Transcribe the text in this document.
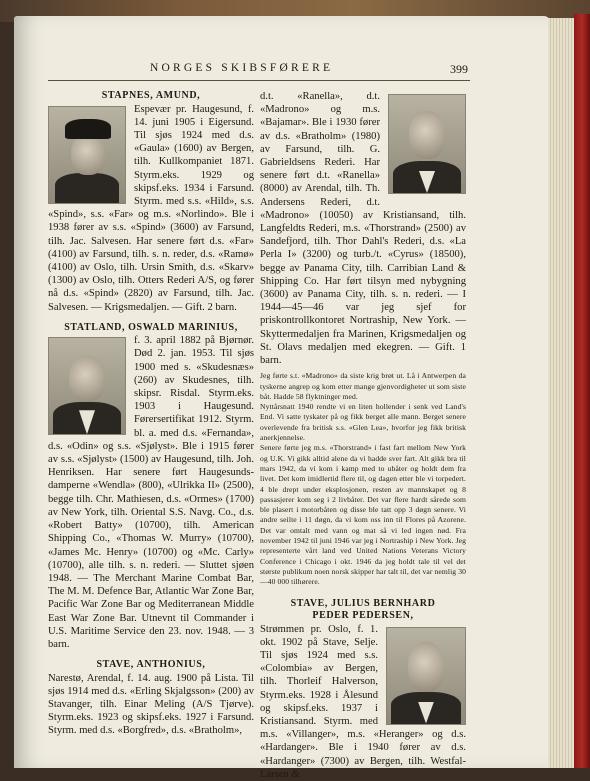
NORGES SKIBSFØRERE	399
STAPNES, AMUND,

Espevær pr. Haugesund, f. 14. juni 1905 i Eigersund. Til sjøs 1924 med d.s. «Gaula» (1600) av Bergen, tilh. Kullkompaniet 1871. Styrm.eks. 1929 og skipsf.eks. 1934 i Farsund. Styrm. med s.s. «Hild», s.s. «Spind», s.s. «Far» og m.s. «Norlindo». Ble i 1938 fører av s.s. «Spind» (3600) av Farsund, tilh. Jac. Salvesen. Har senere ført d.s. «Far» (4100) av Farsund, tilh. s. n. reder, d.s. «Ramø» (4100) av Oslo, tilh. Ursin Smith, d.s. «Skarv» (1300) av Oslo, tilh. Otters Rederi A/S, og fører nå d.s. «Spind» (2820) av Farsund, tilh. Jac. Salvesen. — Krigsmedaljen. — Gift. 2 barn.

STATLAND, OSWALD MARINIUS,

f. 3. april 1882 på Bjørnør. Død 2. jan. 1953. Til sjøs 1900 med s. «Skudesnæs» (260) av Skudesnes, tilh. skipsr. Risdal. Styrm.eks. 1903 i Haugesund. Førersertifikat 1912. Styrm. bl. a. med d.s. «Fernanda», d.s. «Odin» og s.s. «Sjølyst». Ble i 1915 fører av s.s. «Sjølyst» (1500) av Haugesund, tilh. Joh. Henriksen. Har senere ført Haugesunds-damperne «Wendla» (800), «Ulrikka II» (2500), begge tilh. Chr. Mathiesen, d.s. «Ormes» (1700) av New York, tilh. Oriental S.S. Navg. Co., d.s. «Robert Batty» (10700), tilh. American Shipping Co., «Thomas W. Murry» (10700), «James Mc. Henry» (10700) og «Mc. Carly» (10700), alle tilh. s. n. rederi. — Sluttet sjøen 1948. — The Merchant Marine Combat Bar, The M. M. Defence Bar, Atlantic War Zone Bar, Pacific War Zone Bar og Mediterranean Middle East War Zone Bar. Utnevnt til Commander i U.S. Maritime Service den 23. nov. 1948. — 3 barn.

STAVE, ANTHONIUS,

Narestø, Arendal, f. 14. aug. 1900 på Lista. Til sjøs 1914 med d.s. «Erling Skjalgsson» (200) av Stavanger, tilh. Einar Meling (A/S Tjørve). Styrm.eks. 1923 og skipsf.eks. 1927 i Farsund. Styrm. med d.s. «Borgfred», d.s. «Bratholm»,

d.t. «Ranella», d.t. «Madrono» og m.s. «Bajamar». Ble i 1930 fører av d.s. «Bratholm» (1980) av Farsund, tilh. G. Gabrieldsens Rederi. Har senere ført d.t. «Ranella» (8000) av Arendal, tilh. Th. Andersens Rederi, d.t. «Madrono» (10050) av Kristiansand, tilh. Langfeldts Rederi, m.s. «Thorstrand» (2500) av Sandefjord, tilh. Thor Dahl's Rederi, d.s. «La Perla I» (3200) og turb./t. «Cyrus» (18500), begge av Panama City, tilh. Carribian Land & Shipping Co. Har ført tilsyn med nybygning (3600) av Panama City, tilh. s. n. rederi. — I 1944—45—46 var jeg sjef for priskontrollkontoret Nortraship, New York. — Skyttermedaljen fra Marinen, Krigsmedaljen og St. Olavs medaljen med ekegren. — Gift. 1 barn.

Jeg førte s.t. «Madrono» da siste krig brøt ut. Lå i Antwerpen da tyskerne angrep og kom etter mange gjenvordigheter ut som siste båt. Hadde 58 flyktninger med.

Nyttårsnatt 1940 rendte vi en liten hollender i senk ved Land's End. Vi satte tyskater på og fikk berget alle mann. Berget senere overlevende fra britisk s.s. «Glen Lea», hvorfor jeg fikk britisk anerkjennelse.

Senere førte jeg m.s. «Thorstrand» i fast fart mellom New York og U.K. Vi gikk alltid alene da vi hadde sver fart. Alt gikk bra til mars 1942, da vi kom i kamp med to ubåter og holdt dem fra livet. Det kom imidlertid flere til, og dagen etter ble vi torpedert. 4 ble drept under eksplosjonen, resten av mannskapet og 8 passasjerer kom seg i 2 livbåter. Det var flere hardt sårede som ble plasert i motorbåten og disse ble tatt opp 3 døgn senere. Vi andre seilte i 11 døgn, da vi kom oss inn til Flores på Azorene. Det var omtalt med vann og mat så vi led ingen nød. Fra november 1942 til juni 1946 var jeg i Nortraship i New York. Jeg representerte vårt land ved United Nations Veterans Victory Conference i Chicago i okt. 1946 da jeg holdt tale til vel det største publikum noen norsk skipper har talt til, det var nemlig 30—40 000 tilhørere.

STAVE, JULIUS BERNHARD
PEDER PEDERSEN,

Strømmen pr. Oslo, f. 1. okt. 1902 på Stave, Selje. Til sjøs 1924 med s.s. «Colombia» av Bergen, tilh. Thorleif Halverson, Styrm.eks. 1928 i Ålesund og skipsf.eks. 1937 i Kristiansand. Styrm. med m.s. «Villanger», m.s. «Heranger» og d.s. «Hardanger». Ble i 1940 fører av d.s. «Hardanger» (7300) av Bergen, tilh. Westfal-Larsen &
